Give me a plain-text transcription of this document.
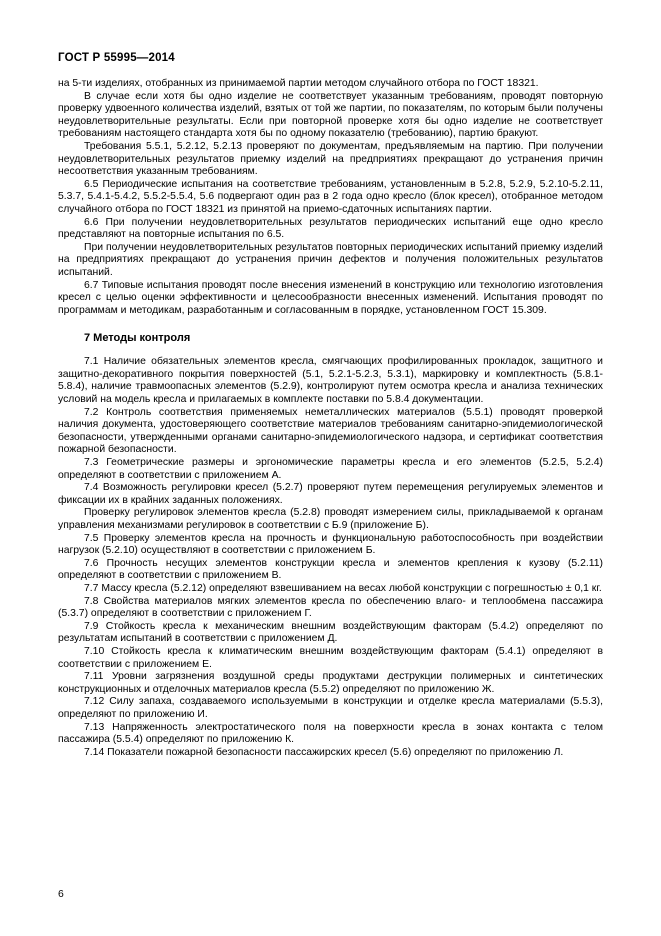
ГОСТ Р 55995—2014

на 5-ти изделиях, отобранных из принимаемой партии методом случайного отбора по ГОСТ 18321.

В случае если хотя бы одно изделие не соответствует указанным требованиям, проводят повторную проверку удвоенного количества изделий, взятых от той же партии, по показателям, по которым были получены неудовлетворительные результаты. Если при повторной проверке хотя бы одно изделие не соответствует требованиям настоящего стандарта хотя бы по одному показателю (требованию), партию бракуют.

Требования 5.5.1, 5.2.12, 5.2.13 проверяют по документам, предъявляемым на партию. При получении неудовлетворительных результатов приемку изделий на предприятиях прекращают до устранения причин несоответствия указанным требованиям.

6.5 Периодические испытания на соответствие требованиям, установленным в 5.2.8, 5.2.9, 5.2.10-5.2.11, 5.3.7, 5.4.1-5.4.2, 5.5.2-5.5.4, 5.6 подвергают один раз в 2 года одно кресло (блок кресел), отобранное методом случайного отбора по ГОСТ 18321 из принятой на приемо-сдаточных испытаниях партии.

6.6 При получении неудовлетворительных результатов периодических испытаний еще одно кресло представляют на повторные испытания по 6.5.

При получении неудовлетворительных результатов повторных периодических испытаний приемку изделий на предприятиях прекращают до устранения причин дефектов и получения положительных результатов испытаний.

6.7 Типовые испытания проводят после внесения изменений в конструкцию или технологию изготовления кресел с целью оценки эффективности и целесообразности внесенных изменений. Испытания проводят по программам и методикам, разработанным и согласованным в порядке, установленном ГОСТ 15.309.

7 Методы контроля

7.1 Наличие обязательных элементов кресла, смягчающих профилированных прокладок, защитного и защитно-декоративного покрытия поверхностей (5.1, 5.2.1-5.2.3, 5.3.1), маркировку и комплектность (5.8.1-5.8.4), наличие травмоопасных элементов (5.2.9), контролируют путем осмотра кресла и анализа технических условий на модель кресла и прилагаемых в комплекте поставки по 5.8.4 документации.

7.2 Контроль соответствия применяемых неметаллических материалов (5.5.1) проводят проверкой наличия документа, удостоверяющего соответствие материалов требованиям санитарно-эпидемиологической безопасности, утвержденными органами санитарно-эпидемиологического надзора, и сертификат соответствия пожарной безопасности.

7.3 Геометрические размеры и эргономические параметры кресла и его элементов (5.2.5, 5.2.4) определяют в соответствии с приложением А.

7.4 Возможность регулировки кресел (5.2.7) проверяют путем перемещения регулируемых элементов и фиксации их в крайних заданных положениях.

Проверку регулировок элементов кресла (5.2.8) проводят измерением силы, прикладываемой к органам управления механизмами регулировок в соответствии с Б.9 (приложение Б).

7.5 Проверку элементов кресла на прочность и функциональную работоспособность при воздействии нагрузок (5.2.10) осуществляют в соответствии с приложением Б.

7.6 Прочность несущих элементов конструкции кресла и элементов крепления к кузову (5.2.11) определяют в соответствии с приложением В.

7.7 Массу кресла (5.2.12) определяют взвешиванием на весах любой конструкции с погрешностью ± 0,1 кг.

7.8 Свойства материалов мягких элементов кресла по обеспечению влаго- и теплообмена пассажира (5.3.7) определяют в соответствии с приложением Г.

7.9 Стойкость кресла к механическим внешним воздействующим факторам (5.4.2) определяют по результатам испытаний в соответствии с приложением Д.

7.10 Стойкость кресла к климатическим внешним воздействующим факторам (5.4.1) определяют в соответствии с приложением Е.

7.11 Уровни загрязнения воздушной среды продуктами деструкции полимерных и синтетических конструкционных и отделочных материалов кресла (5.5.2) определяют по приложению Ж.

7.12 Силу запаха, создаваемого используемыми в конструкции и отделке кресла материалами (5.5.3), определяют по приложению И.

7.13 Напряженность электростатического поля на поверхности кресла в зонах контакта с телом пассажира (5.5.4) определяют по приложению К.

7.14 Показатели пожарной безопасности пассажирских кресел (5.6) определяют по приложению Л.

6
